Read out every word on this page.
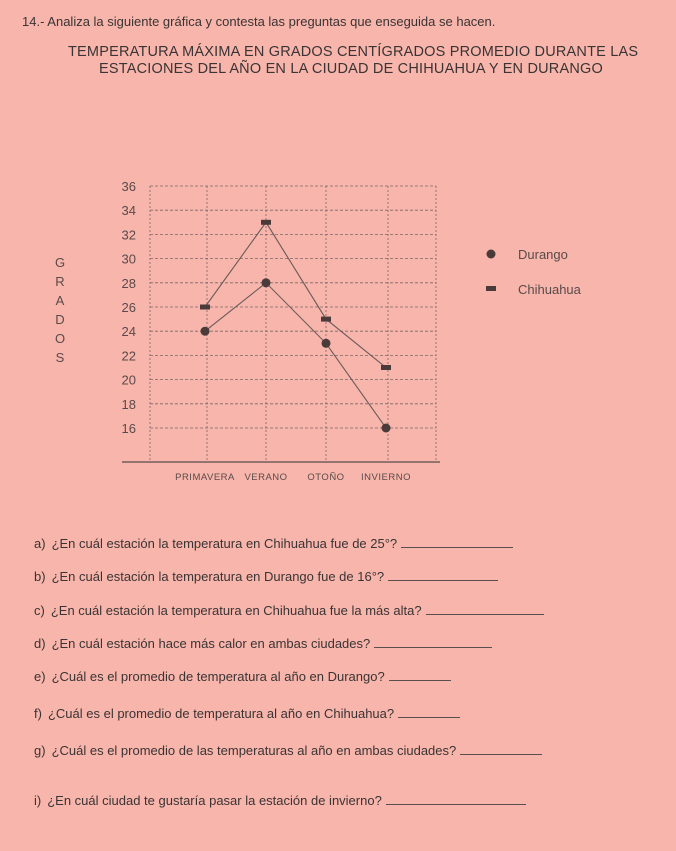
14.- Analiza la siguiente gráfica y contesta las preguntas que enseguida se hacen.
TEMPERATURA MÁXIMA EN GRADOS CENTÍGRADOS PROMEDIO DURANTE LAS
ESTACIONES DEL AÑO EN LA CIUDAD DE CHIHUAHUA Y EN DURANGO
16
18
20
22
24
26
28
30
32
34
36
PRIMAVERA VERANO OTOÑO INVIERNO
G
R
A
D
O
S
Durango
Chihuahua
a) ¿En cuál estación la temperatura en Chihuahua fue de 25°?
b) ¿En cuál estación la temperatura en Durango fue de 16°?
c) ¿En cuál estación la temperatura en Chihuahua fue la más alta?
d) ¿En cuál estación hace más calor en ambas ciudades?
e) ¿Cuál es el promedio de temperatura al año en Durango?
f) ¿Cuál es el promedio de temperatura al año en Chihuahua?
g) ¿Cuál es el promedio de las temperaturas al año en ambas ciudades?
i) ¿En cuál ciudad te gustaría pasar la estación de invierno?
